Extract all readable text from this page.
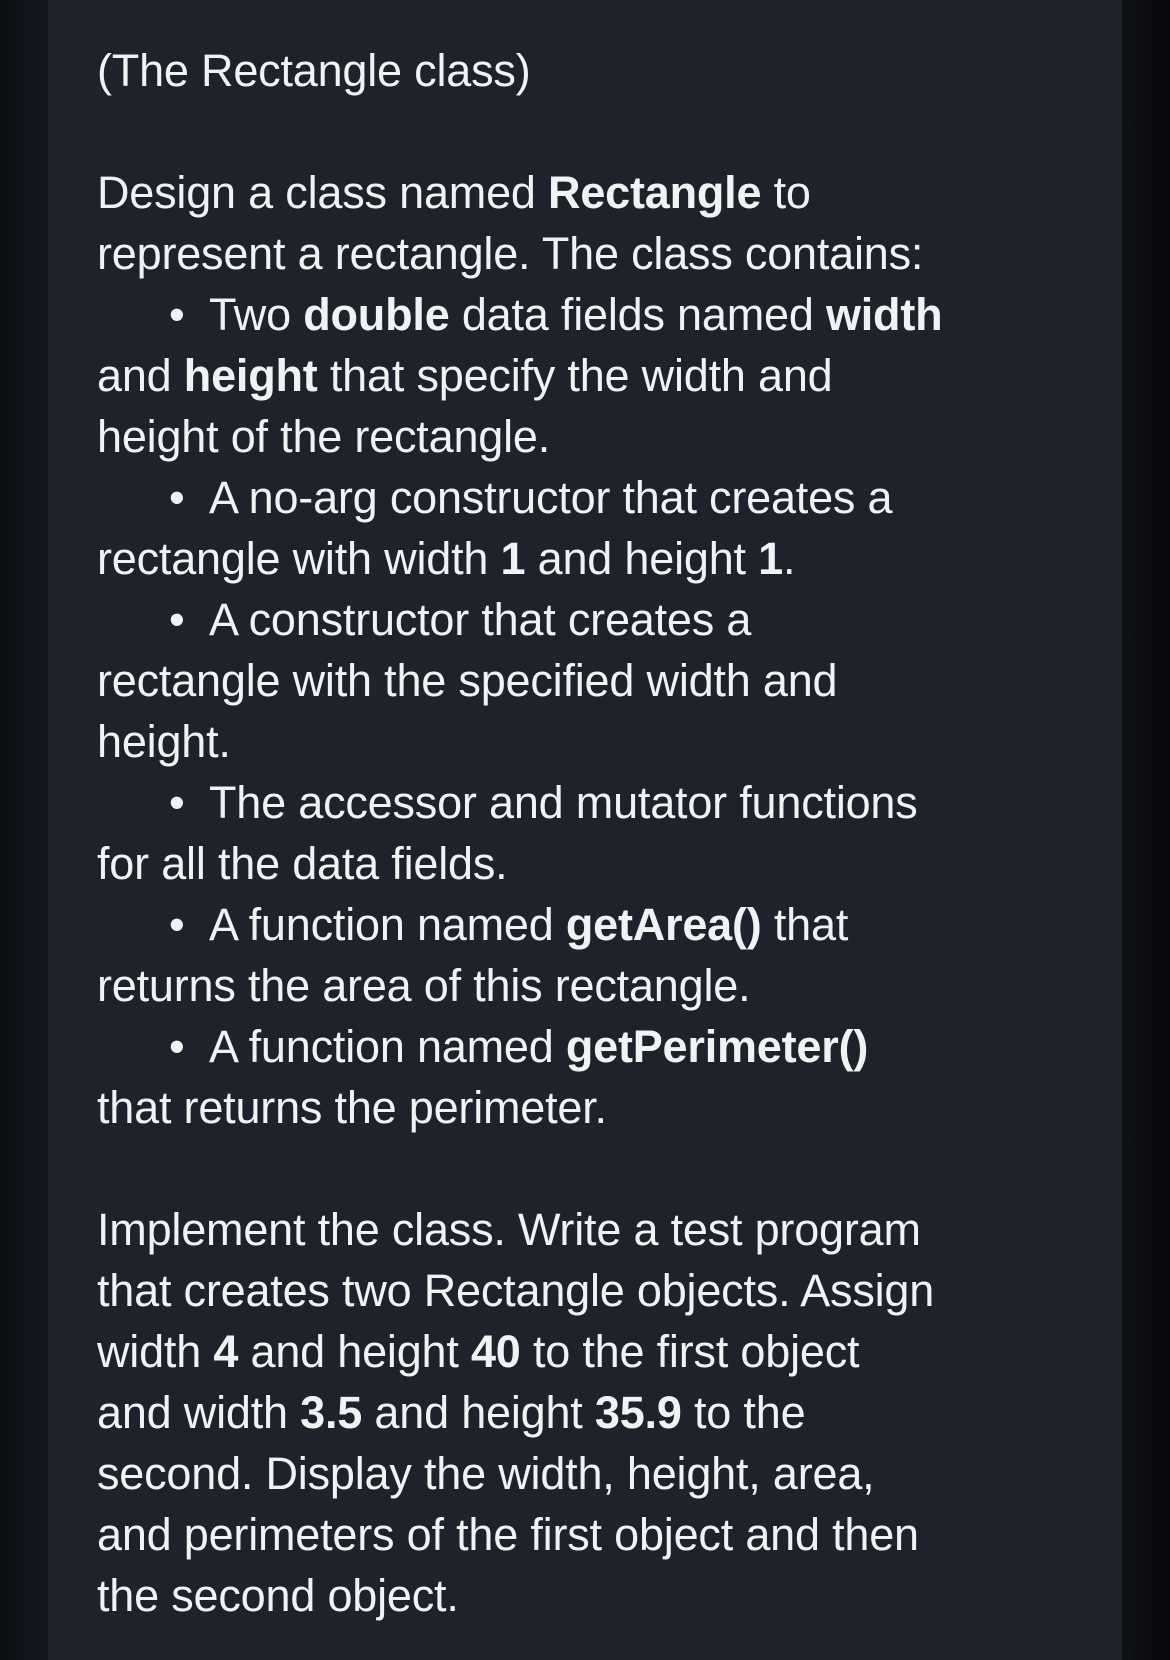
(The Rectangle class)
Design a class named Rectangle to
represent a rectangle. The class contains:
• Two double data fields named width
and height that specify the width and
height of the rectangle.
• A no-arg constructor that creates a
rectangle with width 1 and height 1.
• A constructor that creates a
rectangle with the specified width and
height.
• The accessor and mutator functions
for all the data fields.
• A function named getArea() that
returns the area of this rectangle.
• A function named getPerimeter()
that returns the perimeter.
Implement the class. Write a test program
that creates two Rectangle objects. Assign
width 4 and height 40 to the first object
and width 3.5 and height 35.9 to the
second. Display the width, height, area,
and perimeters of the first object and then
the second object.
